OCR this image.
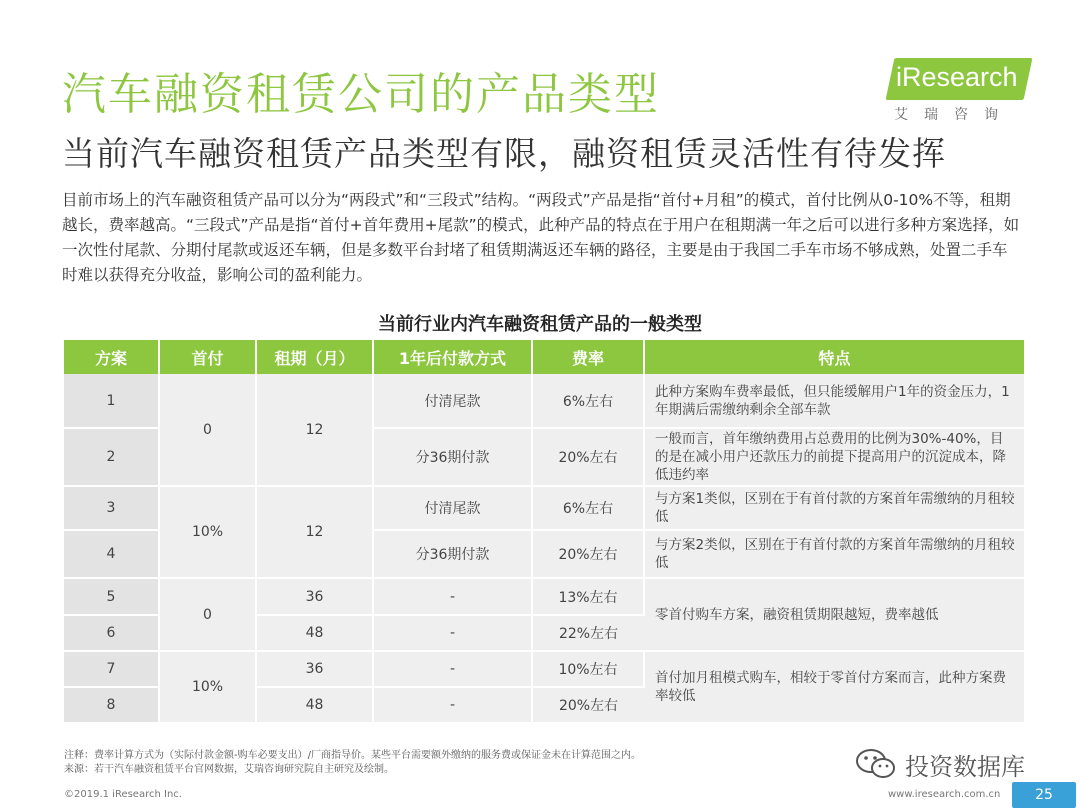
汽车融资租赁公司的产品类型
当前汽车融资租赁产品类型有限，融资租赁灵活性有待发挥
iResearch
艾瑞咨询
目前市场上的汽车融资租赁产品可以分为“两段式”和“三段式”结构。“两段式”产品是指“首付+月租”的模式，首付比例从0-10%不等，租期越长，费率越高。“三段式”产品是指“首付+首年费用+尾款”的模式，此种产品的特点在于用户在租期满一年之后可以进行多种方案选择，如一次性付尾款、分期付尾款或返还车辆，但是多数平台封堵了租赁期满返还车辆的路径，主要是由于我国二手车市场不够成熟，处置二手车时难以获得充分收益，影响公司的盈利能力。
当前行业内汽车融资租赁产品的一般类型
方案	首付	租期（月）	1年后付款方式	费率	特点
1	0	12	付清尾款	6%左右	此种方案购车费率最低，但只能缓解用户1年的资金压力，1年期满后需缴纳剩余全部车款
2			分36期付款	20%左右	一般而言，首年缴纳费用占总费用的比例为30%-40%，目的是在减小用户还款压力的前提下提高用户的沉淀成本，降低违约率
3	10%	12	付清尾款	6%左右	与方案1类似，区别在于有首付款的方案首年需缴纳的月租较低
4			分36期付款	20%左右	与方案2类似，区别在于有首付款的方案首年需缴纳的月租较低
5	0	36	-	13%左右	零首付购车方案，融资租赁期限越短，费率越低
6		48	-	22%左右	
7	10%	36	-	10%左右	首付加月租模式购车，相较于零首付方案而言，此种方案费率较低
8		48	-	20%左右	
注释：费率计算方式为（实际付款金额-购车必要支出）/厂商指导价。某些平台需要额外缴纳的服务费或保证金未在计算范围之内。
来源：若干汽车融资租赁平台官网数据，艾瑞咨询研究院自主研究及绘制。
©2019.1 iResearch Inc.	www.iresearch.com.cn
投资数据库
25
